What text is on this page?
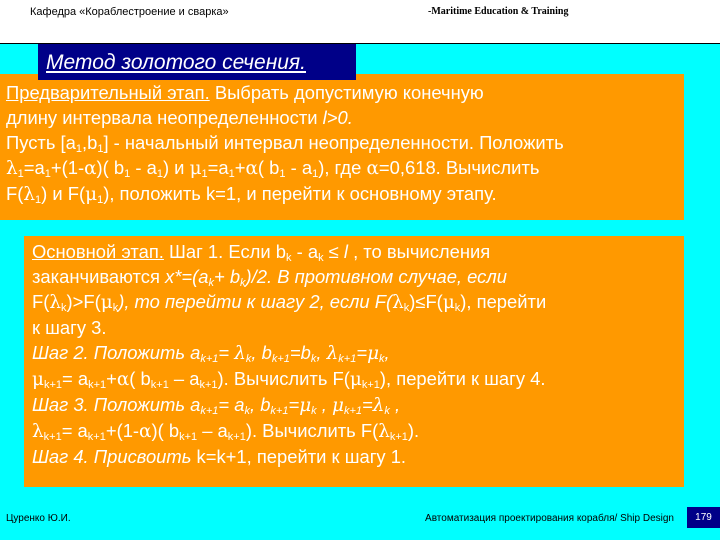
Кафедра «Кораблестроение и сварка»	-Maritime Education & Training
Предварительный этап. Выбрать допустимую конечную
длину интервала неопределенности l>0.
Пусть $[a_1,b_1]$ - начальный интервал неопределенности. Положить
$\lambda_1=a_1+(1-\alpha)$( $b_1 - a_1$) и $\mu_1=a_1+\alpha$( $b_1 - a_1$), где α=0,618. Вычислить
$F(\lambda_1)$ и $F(\mu_1)$, положить k=1, и перейти к основному этапу.
Метод золотого сечения.
Основной этап. Шаг 1. Если $b_k - a_k \le l$ , то вычисления
заканчиваются $x*=(a_k+ b_k)/2$. В противном случае, если
$F(\lambda_k)>F(\mu_k)$, то перейти к шагу 2, если $F(\lambda_k)\le F(\mu_k)$, перейти
к шагу 3.
Шаг 2. Положить $a_{k+1}= \lambda_k$, $b_{k+1}=b_k$, $\lambda_{k+1}=\mu_k$,
$\mu_{k+1}= a_{k+1}+\alpha$( $b_{k+1} - a_{k+1}$). Вычислить $F(\mu_{k+1})$, перейти к шагу 4.
Шаг 3. Положить $a_{k+1}= a_k$, $b_{k+1}=\mu_k$ , $\mu_{k+1}=\lambda_k$ ,
$\lambda_{k+1}= a_{k+1}+(1-\alpha)$( $b_{k+1} - a_{k+1}$). Вычислить $F(\lambda_{k+1})$.
Шаг 4. Присвоить k=k+1, перейти к шагу 1.
Цуренко Ю.И.	Автоматизация проектирования корабля/ Ship Design	179
